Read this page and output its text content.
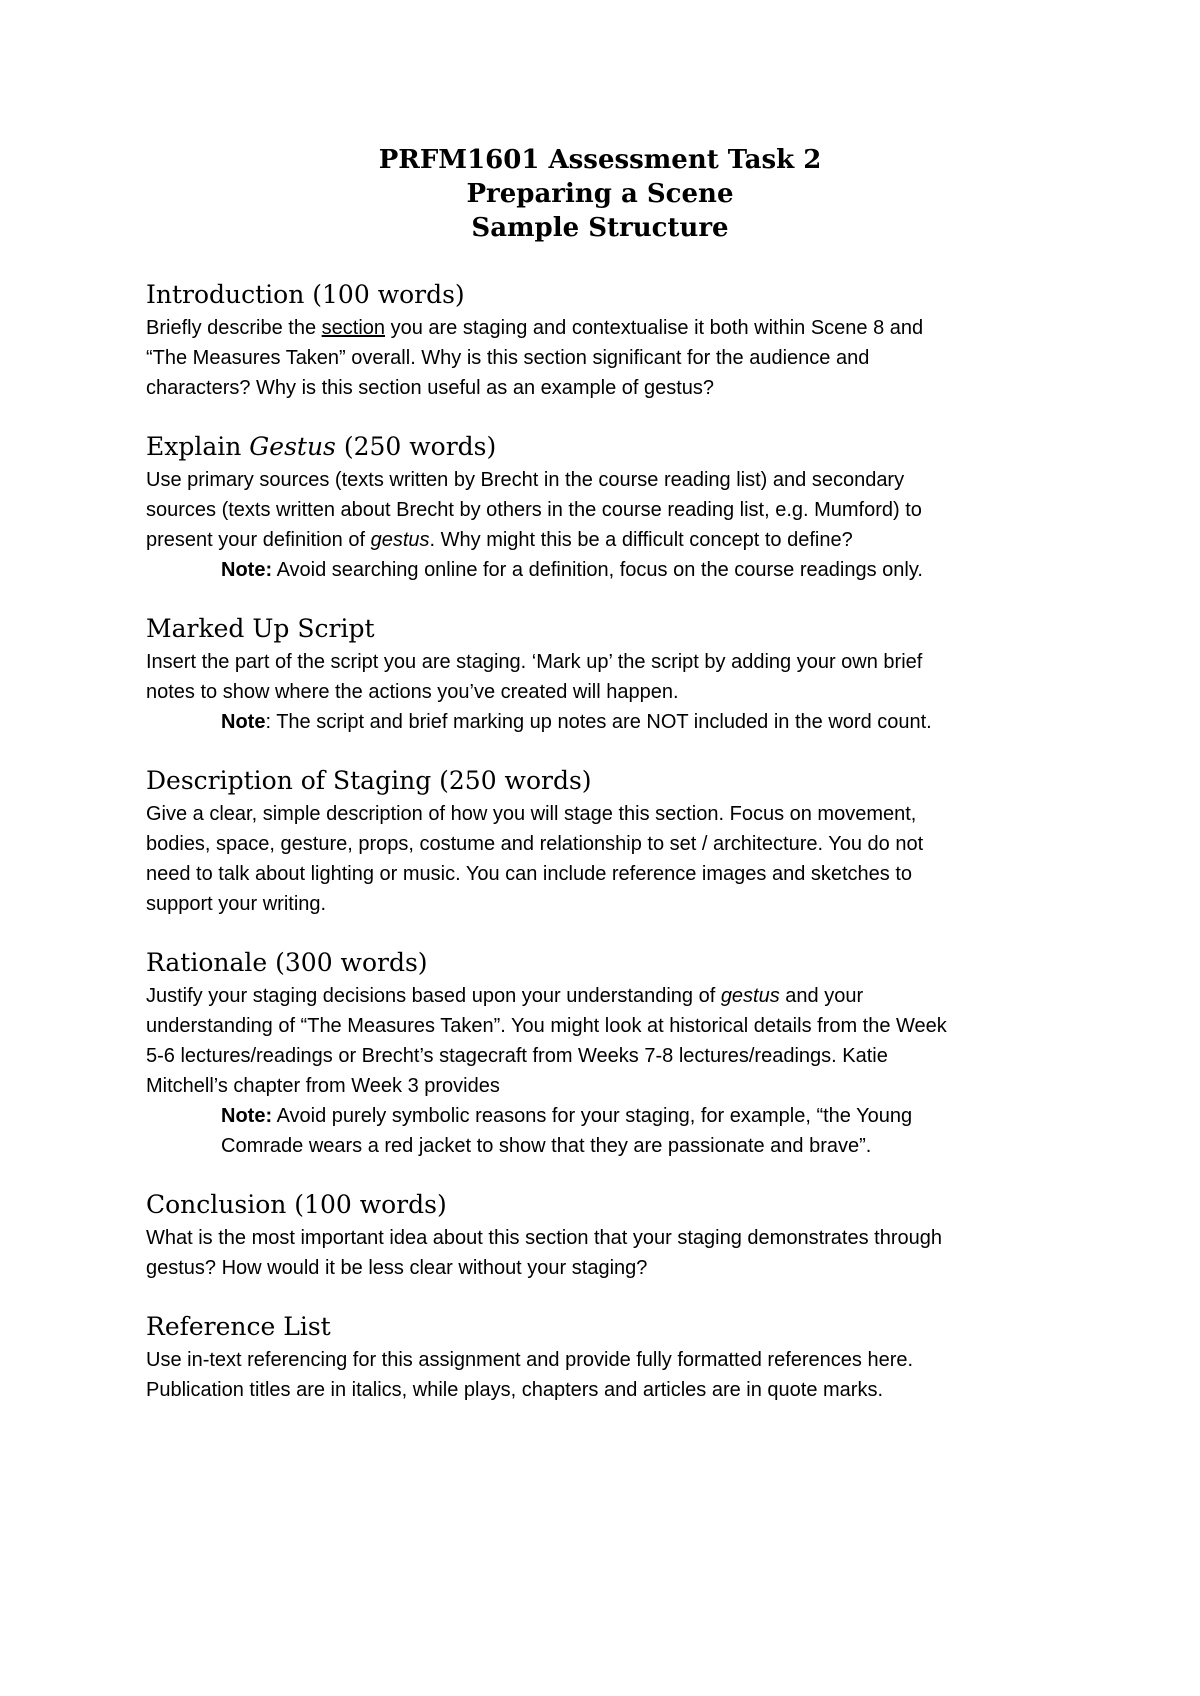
PRFM1601 Assessment Task 2
Preparing a Scene
Sample Structure
Introduction (100 words)
Briefly describe the section you are staging and contextualise it both within Scene 8 and
“The Measures Taken” overall. Why is this section significant for the audience and
characters? Why is this section useful as an example of gestus?
Explain Gestus (250 words)
Use primary sources (texts written by Brecht in the course reading list) and secondary
sources (texts written about Brecht by others in the course reading list, e.g. Mumford) to
present your definition of gestus. Why might this be a difficult concept to define?
Note: Avoid searching online for a definition, focus on the course readings only.
Marked Up Script
Insert the part of the script you are staging. ‘Mark up’ the script by adding your own brief
notes to show where the actions you’ve created will happen.
Note: The script and brief marking up notes are NOT included in the word count.
Description of Staging (250 words)
Give a clear, simple description of how you will stage this section. Focus on movement,
bodies, space, gesture, props, costume and relationship to set / architecture. You do not
need to talk about lighting or music. You can include reference images and sketches to
support your writing.
Rationale (300 words)
Justify your staging decisions based upon your understanding of gestus and your
understanding of “The Measures Taken”. You might look at historical details from the Week
5-6 lectures/readings or Brecht’s stagecraft from Weeks 7-8 lectures/readings. Katie
Mitchell’s chapter from Week 3 provides
Note: Avoid purely symbolic reasons for your staging, for example, “the Young
Comrade wears a red jacket to show that they are passionate and brave”.
Conclusion (100 words)
What is the most important idea about this section that your staging demonstrates through
gestus? How would it be less clear without your staging?
Reference List
Use in-text referencing for this assignment and provide fully formatted references here.
Publication titles are in italics, while plays, chapters and articles are in quote marks.
